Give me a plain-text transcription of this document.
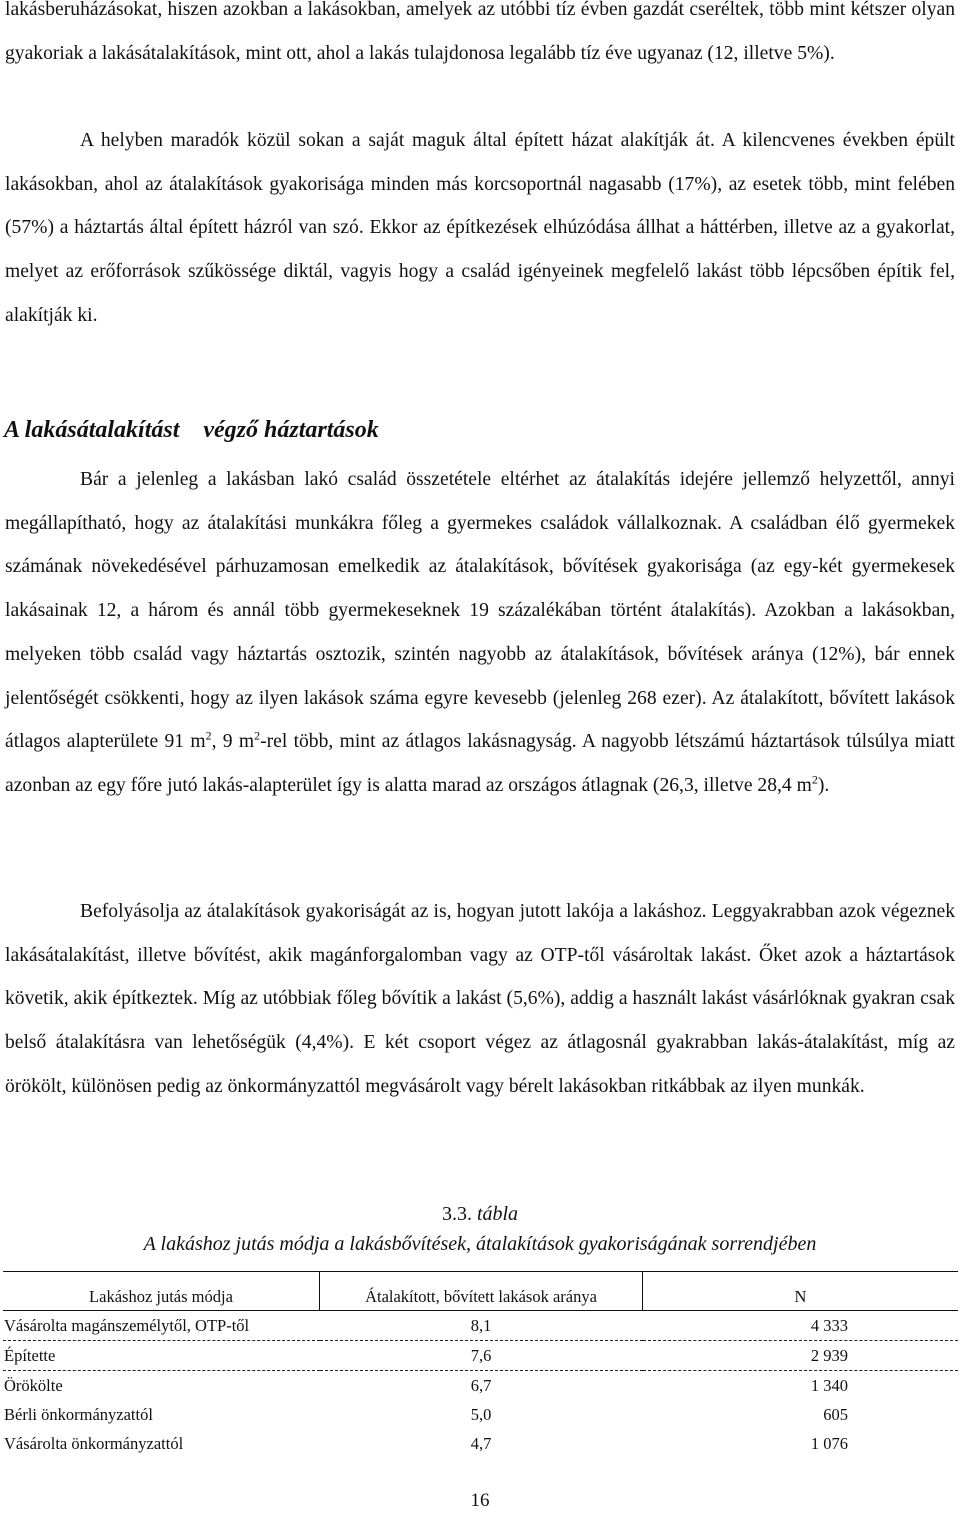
lakásberuházásokat, hiszen azokban a lakásokban, amelyek az utóbbi tíz évben gazdát cseréltek, több mint kétszer olyan gyakoriak a lakásátalakítások, mint ott, ahol a lakás tulajdonosa legalább tíz éve ugyanaz (12, illetve 5%).

A helyben maradók közül sokan a saját maguk által épített házat alakítják át. A kilencvenes években épült lakásokban, ahol az átalakítások gyakorisága minden más korcsoportnál nagasabb (17%), az esetek több, mint felében (57%) a háztartás által épített házról van szó. Ekkor az építkezések elhúzódása állhat a háttérben, illetve az a gyakorlat, melyet az erőforrások szűkössége diktál, vagyis hogy a család igényeinek megfelelő lakást több lépcsőben építik fel, alakítják ki.

A lakásátalakítást végző háztartások

Bár a jelenleg a lakásban lakó család összetétele eltérhet az átalakítás idejére jellemző helyzettől, annyi megállapítható, hogy az átalakítási munkákra főleg a gyermekes családok vállalkoznak. A családban élő gyermekek számának növekedésével párhuzamosan emelkedik az átalakítások, bővítések gyakorisága (az egy-két gyermekesek lakásainak 12, a három és annál több gyermekeseknek 19 százalékában történt átalakítás). Azokban a lakásokban, melyeken több család vagy háztartás osztozik, szintén nagyobb az átalakítások, bővítések aránya (12%), bár ennek jelentőségét csökkenti, hogy az ilyen lakások száma egyre kevesebb (jelenleg 268 ezer). Az átalakított, bővített lakások átlagos alapterülete 91 $m^2$, 9 $m^2$-rel több, mint az átlagos lakásnagyság. A nagyobb létszámú háztartások túlsúlya miatt azonban az egy főre jutó lakás-alapterület így is alatta marad az országos átlagnak (26,3, illetve 28,4 $m^2$).

Befolyásolja az átalakítások gyakoriságát az is, hogyan jutott lakója a lakáshoz. Leggyakrabban azok végeznek lakásátalakítást, illetve bővítést, akik magánforgalomban vagy az OTP-től vásároltak lakást. Őket azok a háztartások követik, akik építkeztek. Míg az utóbbiak főleg bővítik a lakást (5,6%), addig a használt lakást vásárlóknak gyakran csak belső átalakításra van lehetőségük (4,4%). E két csoport végez az átlagosnál gyakrabban lakás-átalakítást, míg az örökölt, különösen pedig az önkormányzattól megvásárolt vagy bérelt lakásokban ritkábbak az ilyen munkák.

3.3. tábla
A lakáshoz jutás módja a lakásbővítések, átalakítások gyakoriságának sorrendjében
Lakáshoz jutás módja	Átalakított, bővített lakások aránya	N
Vásárolta magánszemélytől, OTP-től	8,1	4 333
Építette	7,6	2 939
Örökölte	6,7	1 340
Bérli önkormányzattól	5,0	605
Vásárolta önkormányzattól	4,7	1 076
16
